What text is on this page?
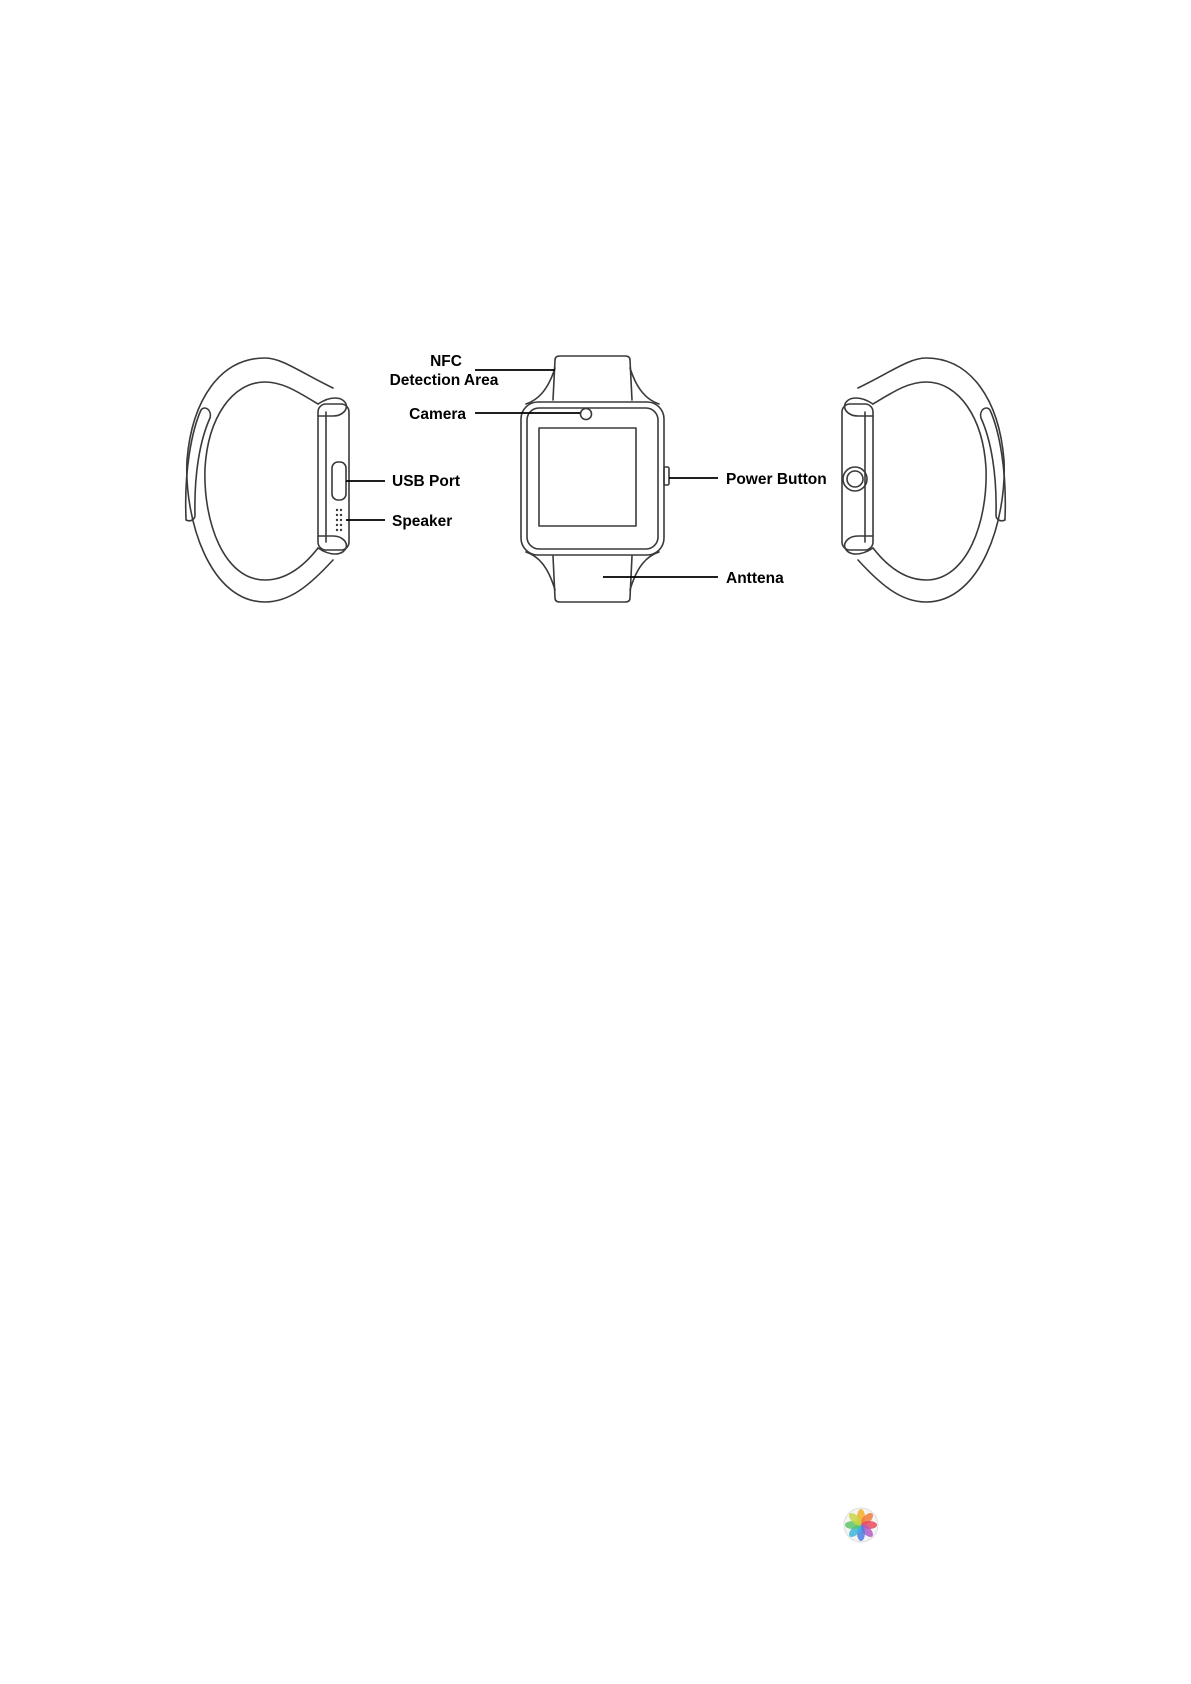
NFC
Detection Area
Camera
USB Port
Speaker
Power Button
Anttena
